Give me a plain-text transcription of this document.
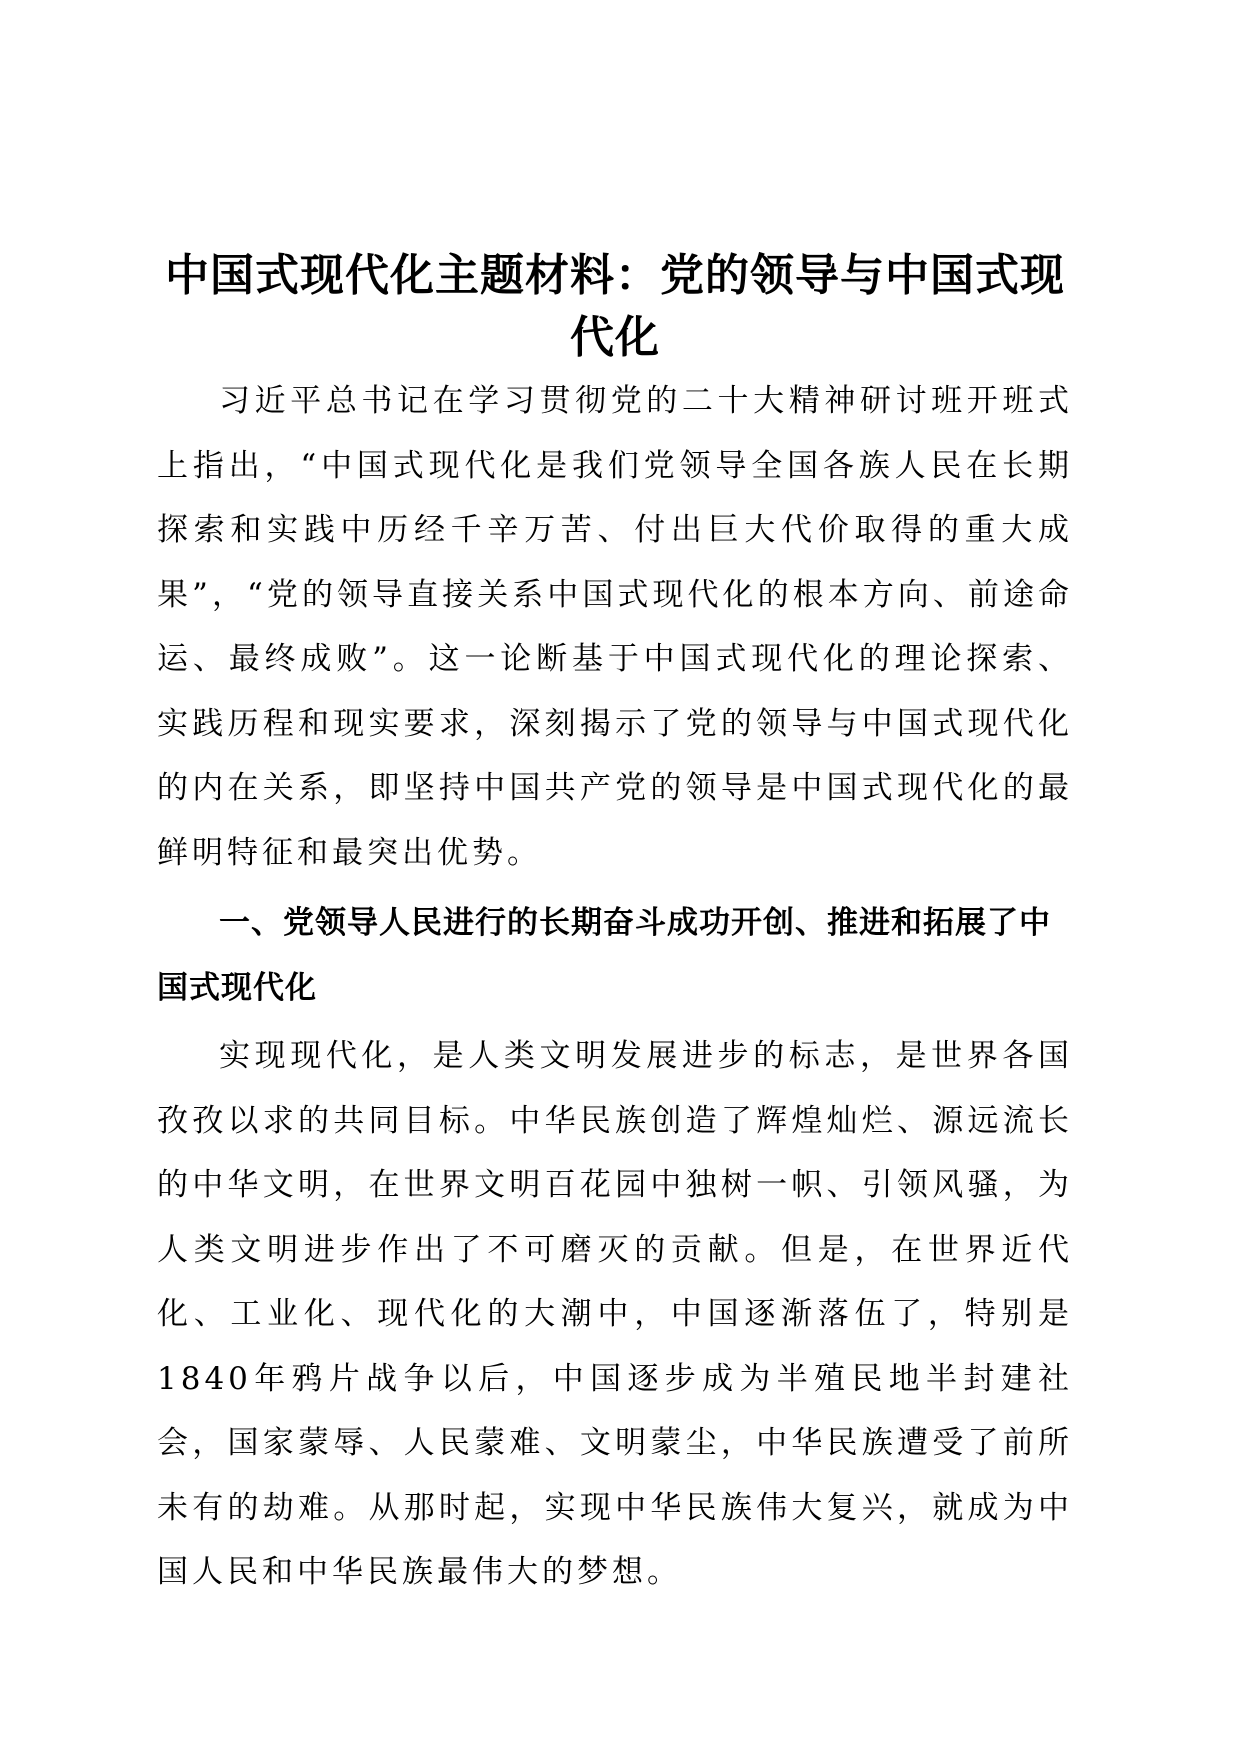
中国式现代化主题材料：党的领导与中国式现代化

习近平总书记在学习贯彻党的二十大精神研讨班开班式上指出，“中国式现代化是我们党领导全国各族人民在长期探索和实践中历经千辛万苦、付出巨大代价取得的重大成果”，“党的领导直接关系中国式现代化的根本方向、前途命运、最终成败”。这一论断基于中国式现代化的理论探索、实践历程和现实要求，深刻揭示了党的领导与中国式现代化的内在关系，即坚持中国共产党的领导是中国式现代化的最鲜明特征和最突出优势。

一、党领导人民进行的长期奋斗成功开创、推进和拓展了中国式现代化

实现现代化，是人类文明发展进步的标志，是世界各国孜孜以求的共同目标。中华民族创造了辉煌灿烂、源远流长的中华文明，在世界文明百花园中独树一帜、引领风骚，为人类文明进步作出了不可磨灭的贡献。但是，在世界近代化、工业化、现代化的大潮中，中国逐渐落伍了，特别是1840年鸦片战争以后，中国逐步成为半殖民地半封建社会，国家蒙辱、人民蒙难、文明蒙尘，中华民族遭受了前所未有的劫难。从那时起，实现中华民族伟大复兴，就成为中国人民和中华民族最伟大的梦想。
